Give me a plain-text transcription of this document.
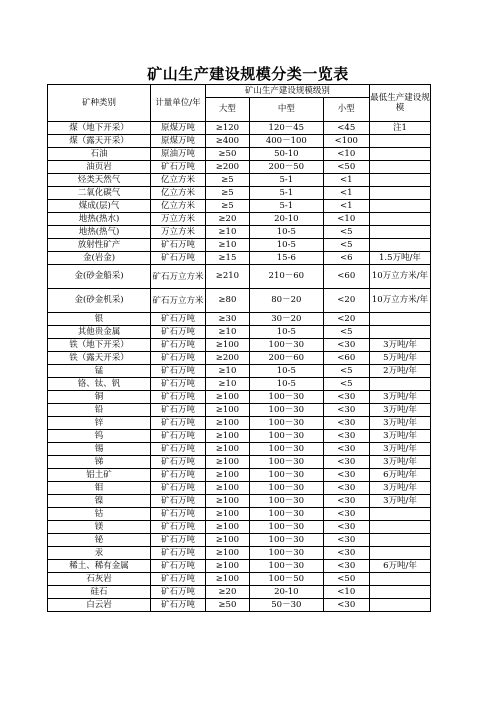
矿山生产建设规模分类一览表
矿种类别	计量单位/年	矿山生产建设规模级别			最低生产建设规模
		大型	中型	小型	
煤（地下开采）	原煤万吨	≥120	120－45	<45	注1
煤（露天开采）	原煤万吨	≥400	400－100	<100	
石油	原油万吨	≥50	50-10	<10	
油页岩	矿石万吨	≥200	200－50	<50	
烃类天然气	亿立方米	≥5	5-1	<1	
二氧化碳气	亿立方米	≥5	5-1	<1	
煤成(层)气	亿立方米	≥5	5-1	<1	
地热(热水)	万立方米	≥20	20-10	<10	
地热(热气)	万立方米	≥10	10-5	<5	
放射性矿产	矿石万吨	≥10	10-5	<5	
金(岩金)	矿石万吨	≥15	15-6	<6	1.5万吨/年
金(砂金船采)	矿石万立方米	≥210	210－60	<60	10万立方米/年
金(砂金机采)	矿石万立方米	≥80	80－20	<20	10万立方米/年
银	矿石万吨	≥30	30－20	<20	
其他贵金属	矿石万吨	≥10	10-5	<5	
铁（地下开采）	矿石万吨	≥100	100－30	<30	3万吨/年
铁（露天开采）	矿石万吨	≥200	200－60	<60	5万吨/年
锰	矿石万吨	≥10	10-5	<5	2万吨/年
铬、钛、钒	矿石万吨	≥10	10-5	<5	
铜	矿石万吨	≥100	100－30	<30	3万吨/年
铅	矿石万吨	≥100	100－30	<30	3万吨/年
锌	矿石万吨	≥100	100－30	<30	3万吨/年
钨	矿石万吨	≥100	100－30	<30	3万吨/年
锡	矿石万吨	≥100	100－30	<30	3万吨/年
锑	矿石万吨	≥100	100－30	<30	3万吨/年
铝土矿	矿石万吨	≥100	100－30	<30	6万吨/年
钼	矿石万吨	≥100	100－30	<30	3万吨/年
镍	矿石万吨	≥100	100－30	<30	3万吨/年
钴	矿石万吨	≥100	100－30	<30	
镁	矿石万吨	≥100	100－30	<30	
铋	矿石万吨	≥100	100－30	<30	
汞	矿石万吨	≥100	100－30	<30	
稀土、稀有金属	矿石万吨	≥100	100－30	<30	6万吨/年
石灰岩	矿石万吨	≥100	100－50	<50	
硅石	矿石万吨	≥20	20-10	<10	
白云岩	矿石万吨	≥50	50－30	<30	
